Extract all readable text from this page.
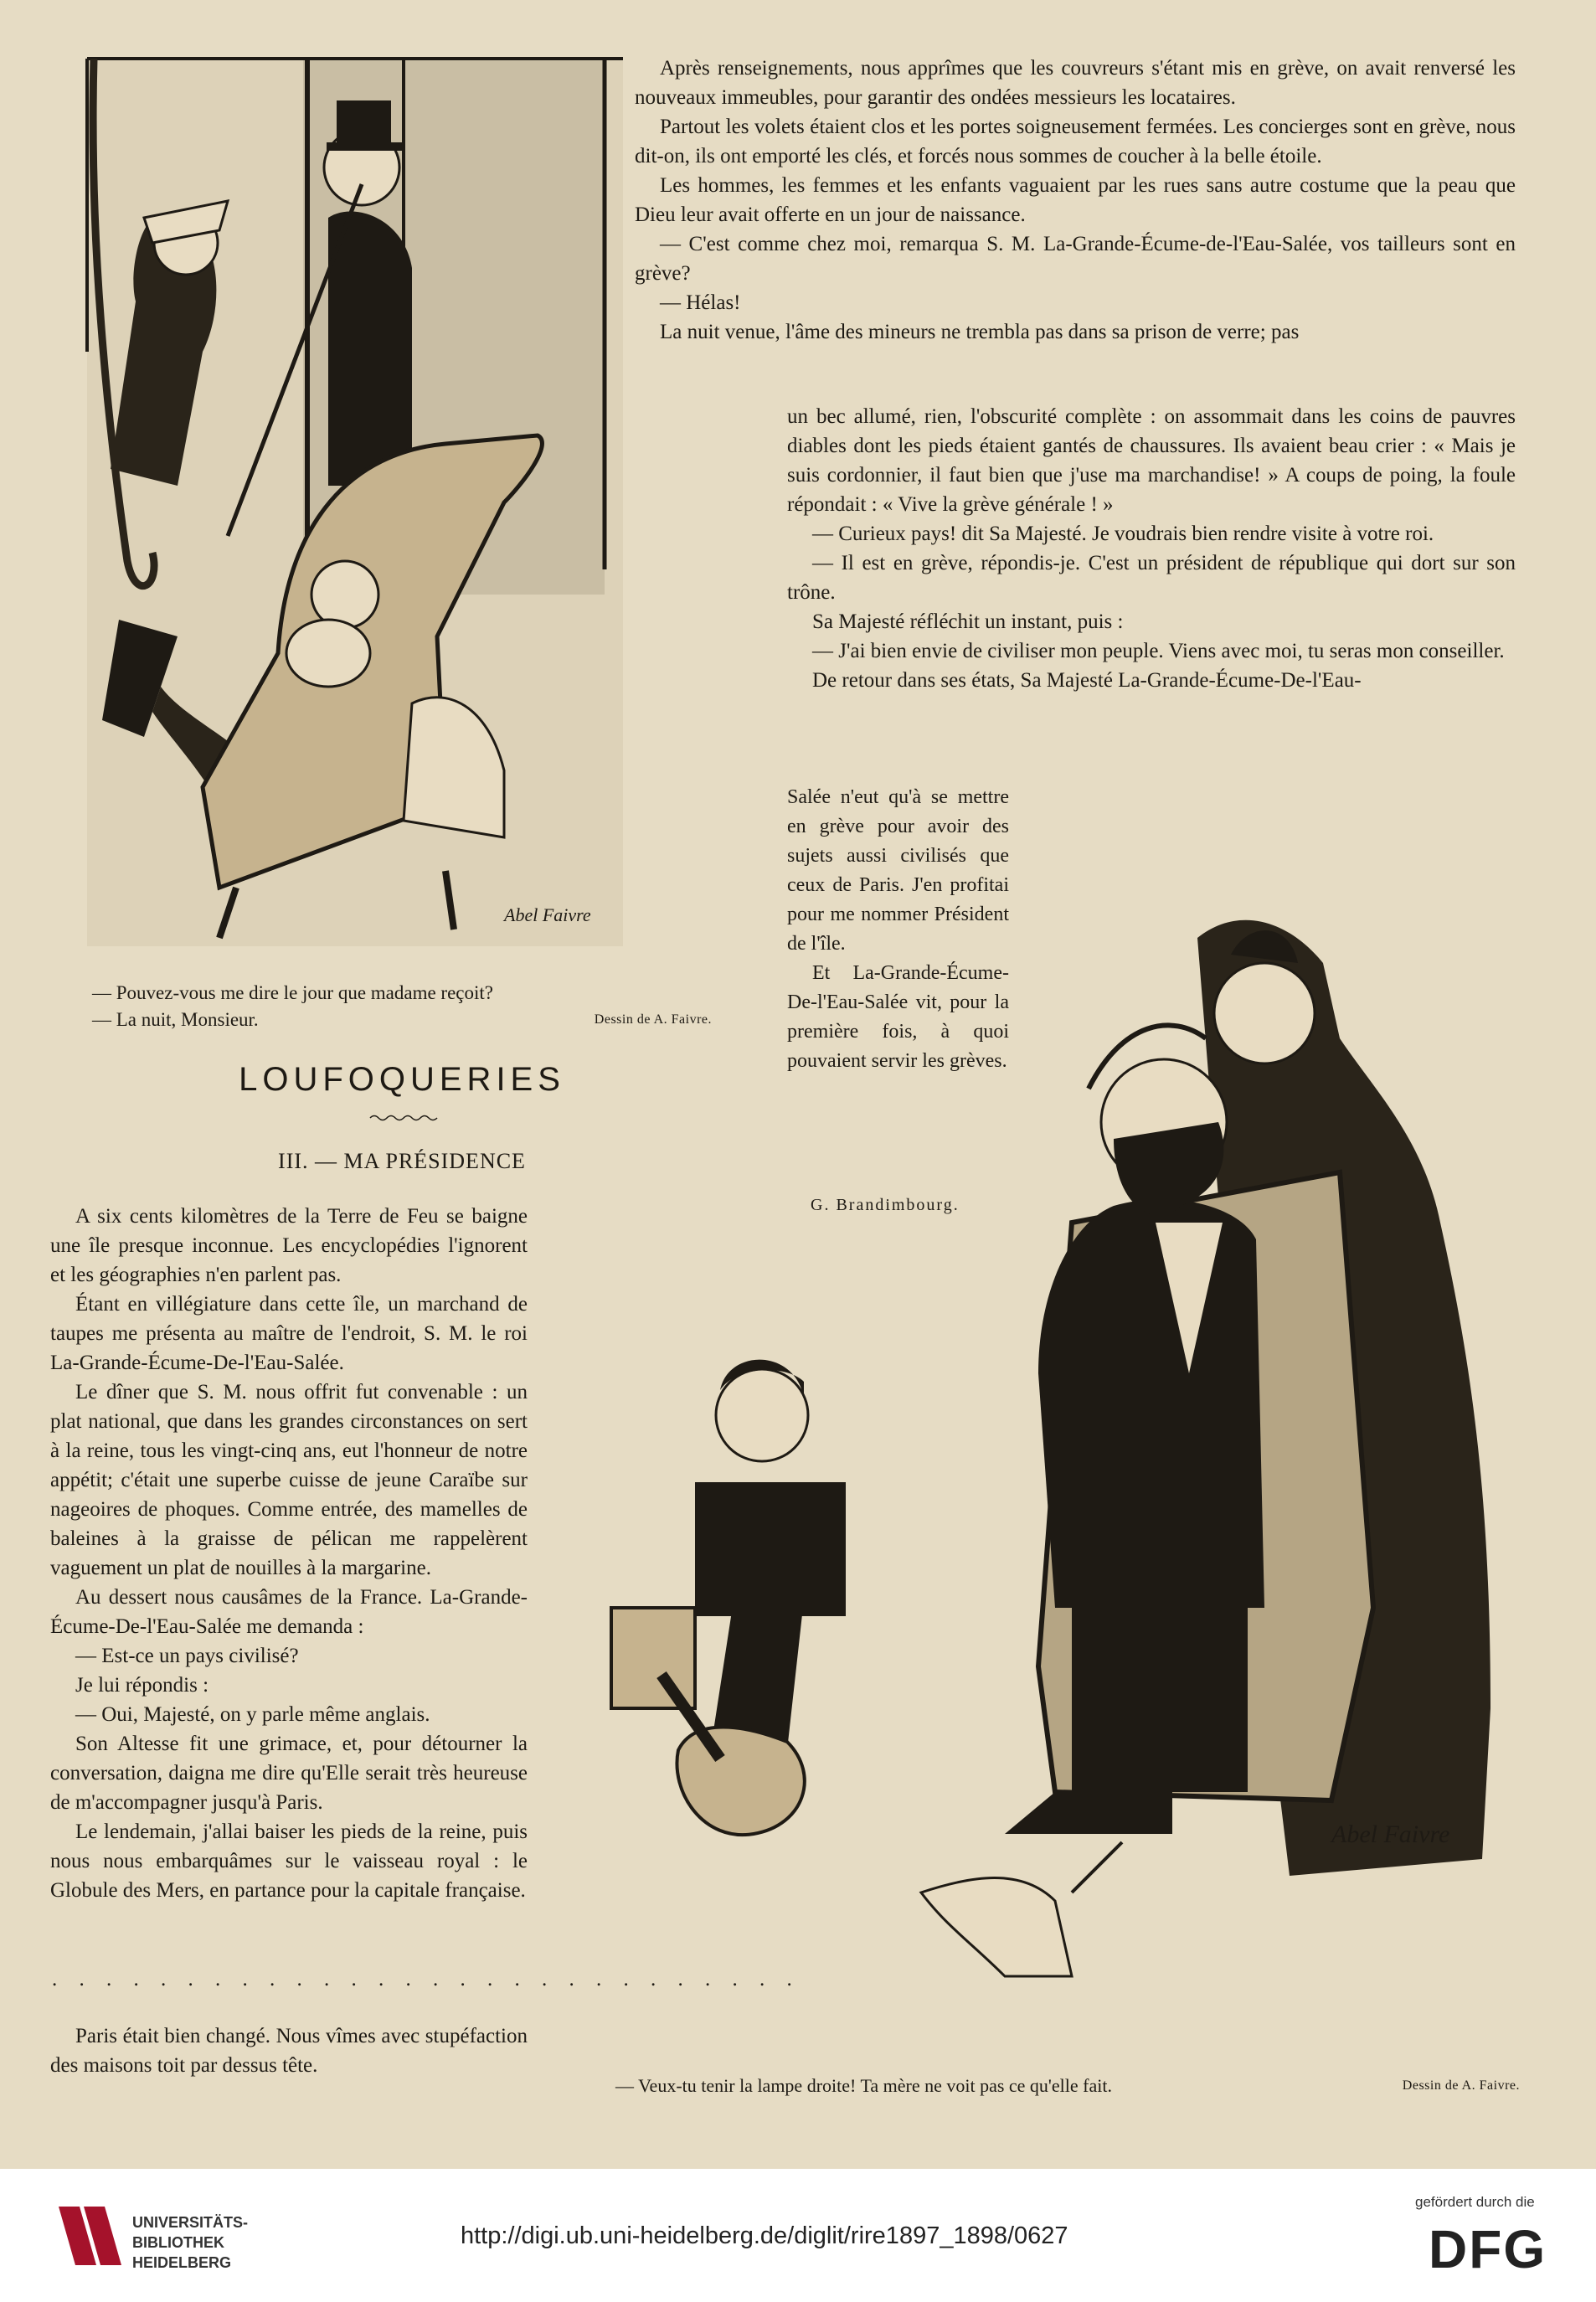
Abel Faivre
— Pouvez-vous me dire le jour que madame reçoit?
— La nuit, Monsieur.	Dessin de A. Faivre.

Après renseignements, nous apprîmes que les couvreurs s'étant mis en grève, on avait renversé les nouveaux immeubles, pour garantir des ondées messieurs les locataires.

Partout les volets étaient clos et les portes soigneusement fermées. Les concierges sont en grève, nous dit-on, ils ont emporté les clés, et forcés nous sommes de coucher à la belle étoile.

Les hommes, les femmes et les enfants vaguaient par les rues sans autre costume que la peau que Dieu leur avait offerte en un jour de naissance.

— C'est comme chez moi, remarqua S. M. La-Grande-Écume-de-l'Eau-Salée, vos tailleurs sont en grève?

— Hélas!

La nuit venue, l'âme des mineurs ne trembla pas dans sa prison de verre; pas

un bec allumé, rien, l'obscurité complète : on assommait dans les coins de pauvres diables dont les pieds étaient gantés de chaussures. Ils avaient beau crier : « Mais je suis cordonnier, il faut bien que j'use ma marchandise! » A coups de poing, la foule répondait : « Vive la grève générale ! »

— Curieux pays! dit Sa Majesté. Je voudrais bien rendre visite à votre roi.

— Il est en grève, répondis-je. C'est un président de république qui dort sur son trône.

Sa Majesté réfléchit un instant, puis :

— J'ai bien envie de civiliser mon peuple. Viens avec moi, tu seras mon conseiller.

De retour dans ses états, Sa Majesté La-Grande-Écume-De-l'Eau-

Salée n'eut qu'à se mettre en grève pour avoir des sujets aussi civilisés que ceux de Paris. J'en profitai pour me nommer Président de l'île.

Et La-Grande-Écume-De-l'Eau-Salée vit, pour la première fois, à quoi pouvaient servir les grèves.

G. Brandimbourg.
LOUFOQUERIES
III. — MA PRÉSIDENCE

A six cents kilomètres de la Terre de Feu se baigne une île presque inconnue. Les encyclopédies l'ignorent et les géographies n'en parlent pas.

Étant en villégiature dans cette île, un marchand de taupes me présenta au maître de l'endroit, S. M. le roi La-Grande-Écume-De-l'Eau-Salée.

Le dîner que S. M. nous offrit fut convenable : un plat national, que dans les grandes circonstances on sert à la reine, tous les vingt-cinq ans, eut l'honneur de notre appétit; c'était une superbe cuisse de jeune Caraïbe sur nageoires de phoques. Comme entrée, des mamelles de baleines à la graisse de pélican me rappelèrent vaguement un plat de nouilles à la margarine.

Au dessert nous causâmes de la France. La-Grande-Écume-De-l'Eau-Salée me demanda :

— Est-ce un pays civilisé?

Je lui répondis :

— Oui, Majesté, on y parle même anglais.

Son Altesse fit une grimace, et, pour détourner la conversation, daigna me dire qu'Elle serait très heureuse de m'accompagner jusqu'à Paris.

Le lendemain, j'allai baiser les pieds de la reine, puis nous nous embarquâmes sur le vaisseau royal : le Globule des Mers, en partance pour la capitale française.

. . . . . . . . . . . . . . . . . . . . . . . . . . . .

Paris était bien changé. Nous vîmes avec stupéfaction des maisons toit par dessus tête.

Abel Faivre
— Veux-tu tenir la lampe droite! Ta mère ne voit pas ce qu'elle fait.	Dessin de A. Faivre.
UNIVERSITÄTS-
BIBLIOTHEK
HEIDELBERG
http://digi.ub.uni-heidelberg.de/diglit/rire1897_1898/0627
gefördert durch die
DFG
